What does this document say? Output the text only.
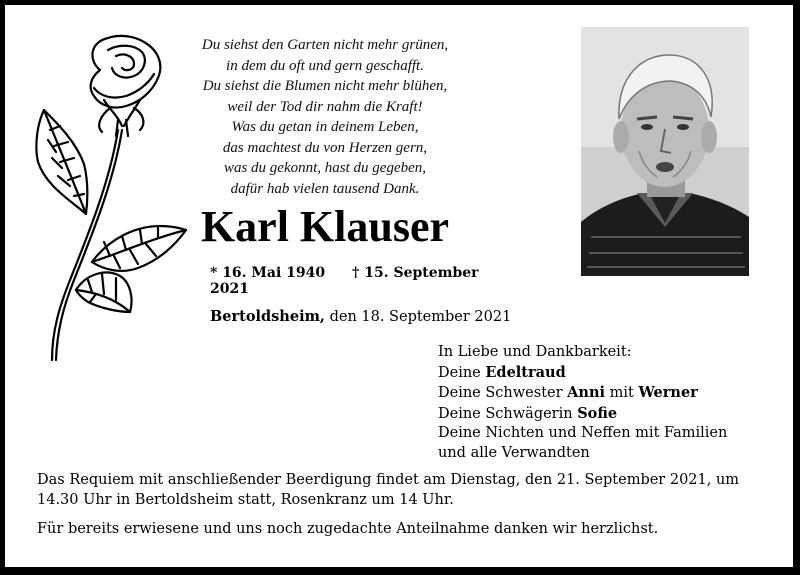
Du siehst den Garten nicht mehr grünen,
in dem du oft und gern geschafft.
Du siehst die Blumen nicht mehr blühen,
weil der Tod dir nahm die Kraft!
Was du getan in deinem Leben,
das machtest du von Herzen gern,
was du gekonnt, hast du gegeben,
dafür hab vielen tausend Dank.
Karl Klauser
* 16. Mai 1940 † 15. September 2021
Bertoldsheim, den 18. September 2021
In Liebe und Dankbarkeit:
Deine Edeltraud
Deine Schwester Anni mit Werner
Deine Schwägerin Sofie
Deine Nichten und Neffen mit Familien
und alle Verwandten

Das Requiem mit anschließender Beerdigung findet am Dienstag, den 21. September 2021, um 14.30 Uhr in Bertoldsheim statt, Rosenkranz um 14 Uhr.

Für bereits erwiesene und uns noch zugedachte Anteilnahme danken wir herzlichst.
